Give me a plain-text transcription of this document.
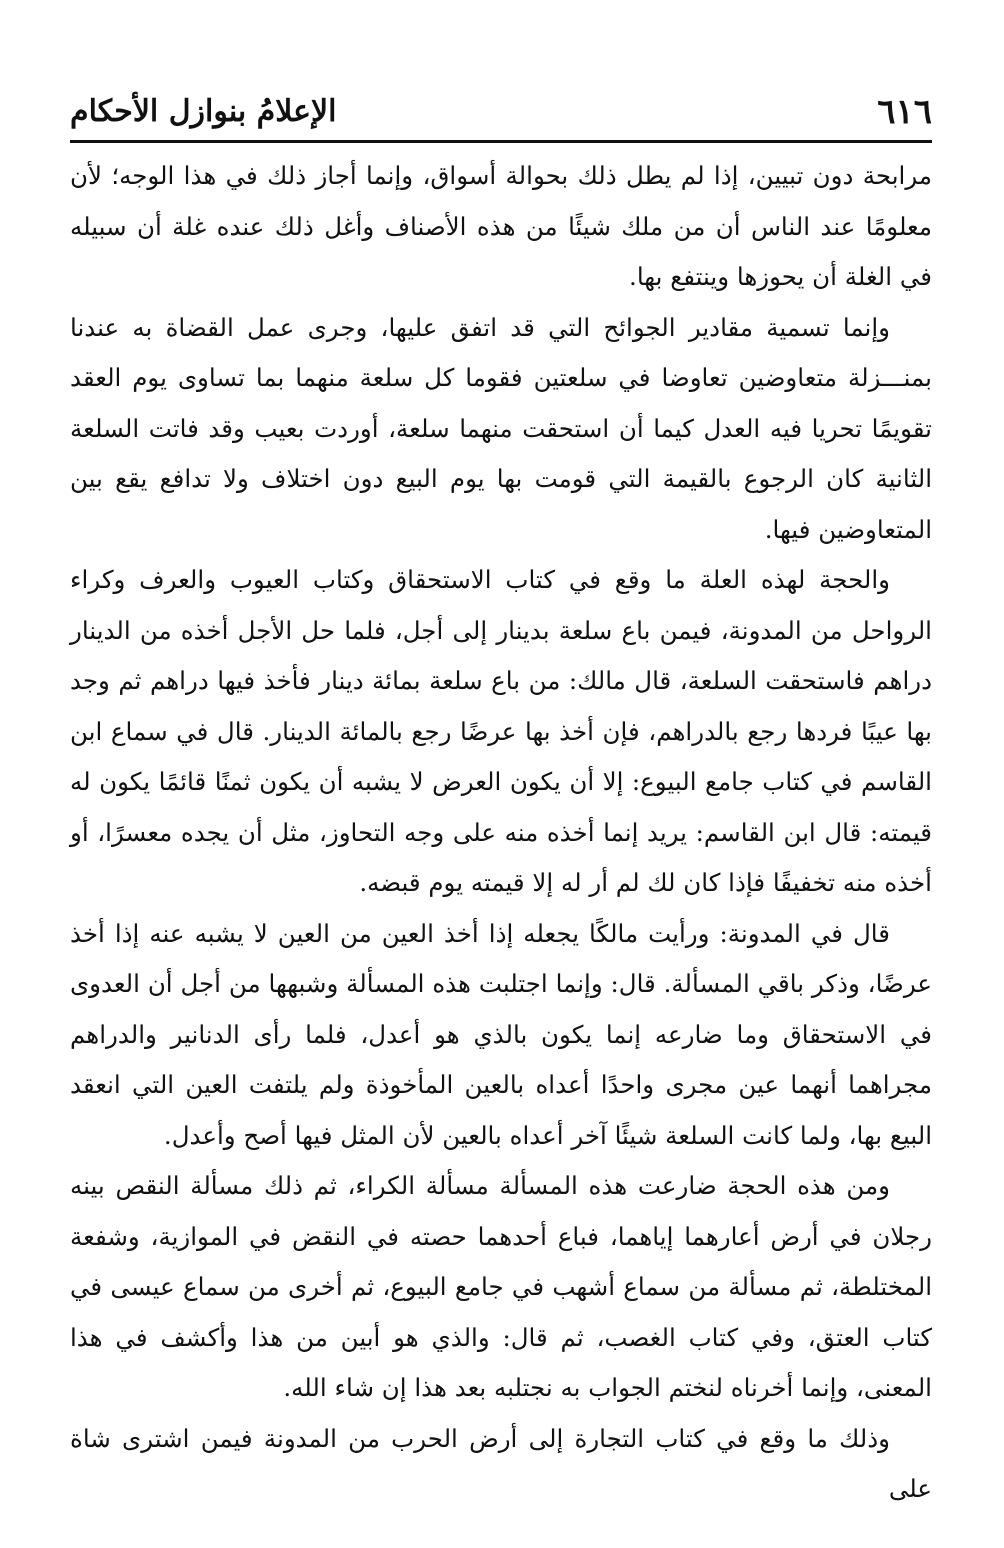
٦١٦
الإعلامُ بنوازل الأحكام

مرابحة دون تبيين، إذا لم يطل ذلك بحوالة أسواق، وإنما أجاز ذلك في هذا الوجه؛ لأن معلومًا عند الناس أن من ملك شيئًا من هذه الأصناف وأغل ذلك عنده غلة أن سبيله في الغلة أن يحوزها وينتفع بها.

وإنما تسمية مقادير الجوائح التي قد اتفق عليها، وجرى عمل القضاة به عندنا بمنـــزلة متعاوضين تعاوضا في سلعتين فقوما كل سلعة منهما بما تساوى يوم العقد تقويمًا تحريا فيه العدل كيما أن استحقت منهما سلعة، أوردت بعيب وقد فاتت السلعة الثانية كان الرجوع بالقيمة التي قومت بها يوم البيع دون اختلاف ولا تدافع يقع بين المتعاوضين فيها.

والحجة لهذه العلة ما وقع في كتاب الاستحقاق وكتاب العيوب والعرف وكراء الرواحل من المدونة، فيمن باع سلعة بدينار إلى أجل، فلما حل الأجل أخذه من الدينار دراهم فاستحقت السلعة، قال مالك: من باع سلعة بمائة دينار فأخذ فيها دراهم ثم وجد بها عيبًا فردها رجع بالدراهم، فإن أخذ بها عرضًا رجع بالمائة الدينار. قال في سماع ابن القاسم في كتاب جامع البيوع: إلا أن يكون العرض لا يشبه أن يكون ثمنًا قائمًا يكون له قيمته: قال ابن القاسم: يريد إنما أخذه منه على وجه التحاوز، مثل أن يجده معسرًا، أو أخذه منه تخفيفًا فإذا كان لك لم أر له إلا قيمته يوم قبضه.

قال في المدونة: ورأيت مالكًا يجعله إذا أخذ العين من العين لا يشبه عنه إذا أخذ عرضًا، وذكر باقي المسألة. قال: وإنما اجتلبت هذه المسألة وشبهها من أجل أن العدوى في الاستحقاق وما ضارعه إنما يكون بالذي هو أعدل، فلما رأى الدنانير والدراهم مجراهما أنهما عين مجرى واحدًا أعداه بالعين المأخوذة ولم يلتفت العين التي انعقد البيع بها، ولما كانت السلعة شيئًا آخر أعداه بالعين لأن المثل فيها أصح وأعدل.

ومن هذه الحجة ضارعت هذه المسألة مسألة الكراء، ثم ذلك مسألة النقص بينه رجلان في أرض أعارهما إياهما، فباع أحدهما حصته في النقض في الموازية، وشفعة المختلطة، ثم مسألة من سماع أشهب في جامع البيوع، ثم أخرى من سماع عيسى في كتاب العتق، وفي كتاب الغصب، ثم قال: والذي هو أبين من هذا وأكشف في هذا المعنى، وإنما أخرناه لنختم الجواب به نجتلبه بعد هذا إن شاء الله.

وذلك ما وقع في كتاب التجارة إلى أرض الحرب من المدونة فيمن اشترى شاة على
